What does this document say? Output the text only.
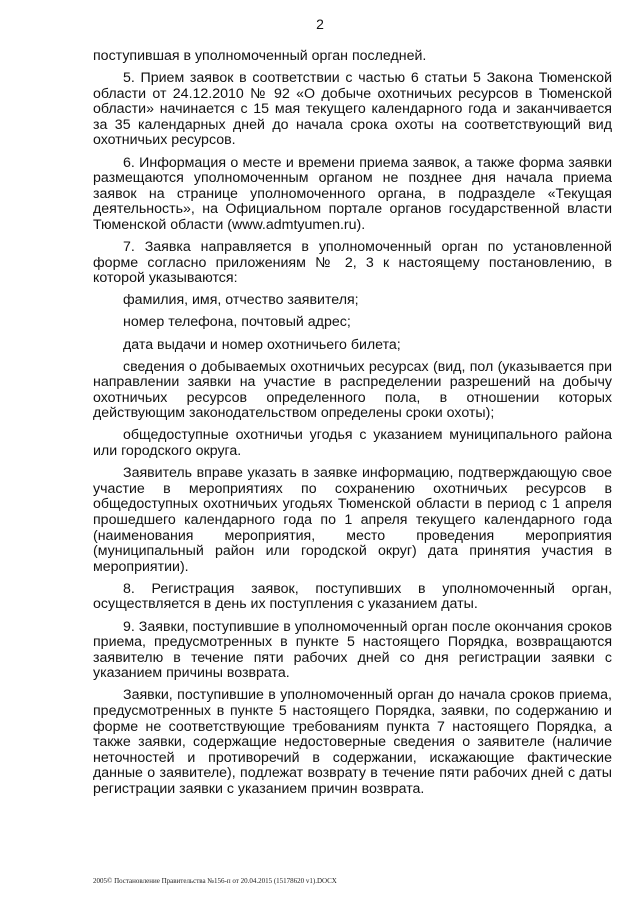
2

поступившая в уполномоченный орган последней.

5. Прием заявок в соответствии с частью 6 статьи 5 Закона Тюменской области от 24.12.2010 № 92 «О добыче охотничьих ресурсов в Тюменской области» начинается с 15 мая текущего календарного года и заканчивается за 35 календарных дней до начала срока охоты на соответствующий вид охотничьих ресурсов.

6. Информация о месте и времени приема заявок, а также форма заявки размещаются уполномоченным органом не позднее дня начала приема заявок на странице уполномоченного органа, в подразделе «Текущая деятельность», на Официальном портале органов государственной власти Тюменской области (www.admtyumen.ru).

7. Заявка направляется в уполномоченный орган по установленной форме согласно приложениям № 2, 3 к настоящему постановлению, в которой указываются:

фамилия, имя, отчество заявителя;

номер телефона, почтовый адрес;

дата выдачи и номер охотничьего билета;

сведения о добываемых охотничьих ресурсах (вид, пол (указывается при направлении заявки на участие в распределении разрешений на добычу охотничьих ресурсов определенного пола, в отношении которых действующим законодательством определены сроки охоты);

общедоступные охотничьи угодья с указанием муниципального района или городского округа.

Заявитель вправе указать в заявке информацию, подтверждающую свое участие в мероприятиях по сохранению охотничьих ресурсов в общедоступных охотничьих угодьях Тюменской области в период с 1 апреля прошедшего календарного года по 1 апреля текущего календарного года (наименования мероприятия, место проведения мероприятия (муниципальный район или городской округ) дата принятия участия в мероприятии).

8. Регистрация заявок, поступивших в уполномоченный орган, осуществляется в день их поступления с указанием даты.

9. Заявки, поступившие в уполномоченный орган после окончания сроков приема, предусмотренных в пункте 5 настоящего Порядка, возвращаются заявителю в течение пяти рабочих дней со дня регистрации заявки с указанием причины возврата.

Заявки, поступившие в уполномоченный орган до начала сроков приема, предусмотренных в пункте 5 настоящего Порядка, заявки, по содержанию и форме не соответствующие требованиям пункта 7 настоящего Порядка, а также заявки, содержащие недостоверные сведения о заявителе (наличие неточностей и противоречий в содержании, искажающие фактические данные о заявителе), подлежат возврату в течение пяти рабочих дней с даты регистрации заявки с указанием причин возврата.

2005© Постановление Правительства №156-п от 20.04.2015 (15178620 v1).DOCX
